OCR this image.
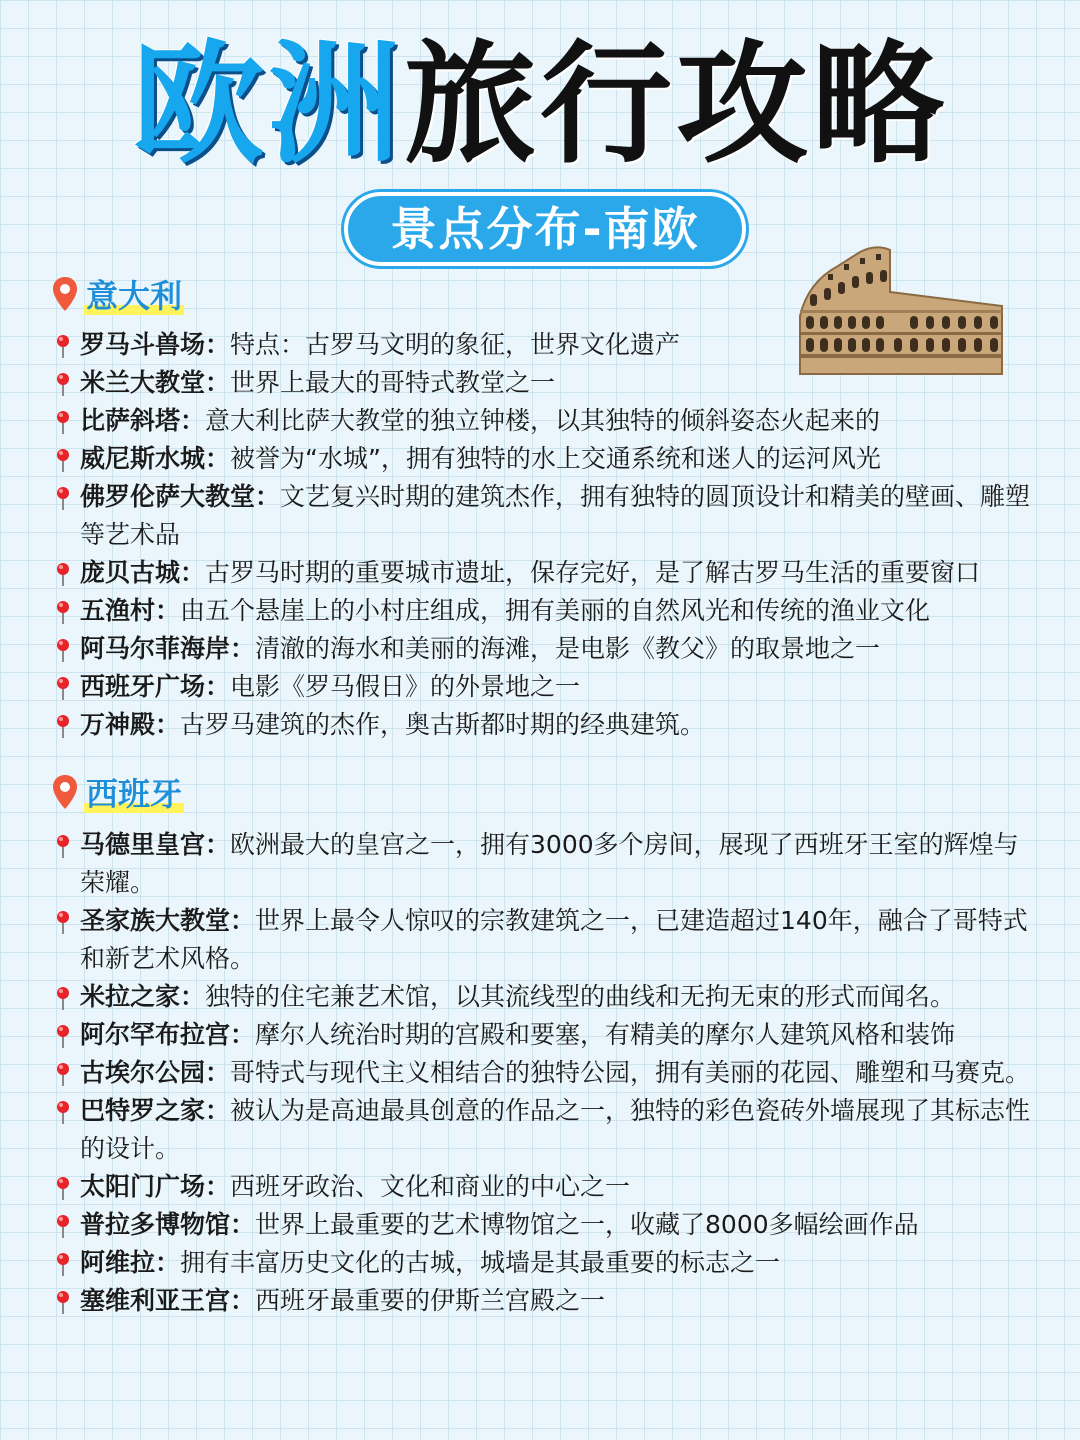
欧洲旅行攻略
景点分布-南欧
意大利
罗马斗兽场：特点：古罗马文明的象征，世界文化遗产
米兰大教堂：世界上最大的哥特式教堂之一
比萨斜塔：意大利比萨大教堂的独立钟楼，以其独特的倾斜姿态火起来的
威尼斯水城：被誉为“水城”，拥有独特的水上交通系统和迷人的运河风光
佛罗伦萨大教堂：文艺复兴时期的建筑杰作，拥有独特的圆顶设计和精美的壁画、雕塑等艺术品
庞贝古城：古罗马时期的重要城市遗址，保存完好，是了解古罗马生活的重要窗口
五渔村：由五个悬崖上的小村庄组成，拥有美丽的自然风光和传统的渔业文化
阿马尔菲海岸：清澈的海水和美丽的海滩，是电影《教父》的取景地之一
西班牙广场：电影《罗马假日》的外景地之一
万神殿：古罗马建筑的杰作，奥古斯都时期的经典建筑。
西班牙
马德里皇宫：欧洲最大的皇宫之一，拥有3000多个房间，展现了西班牙王室的辉煌与荣耀。
圣家族大教堂：世界上最令人惊叹的宗教建筑之一，已建造超过140年，融合了哥特式和新艺术风格。
米拉之家：独特的住宅兼艺术馆，以其流线型的曲线和无拘无束的形式而闻名。
阿尔罕布拉宫：摩尔人统治时期的宫殿和要塞，有精美的摩尔人建筑风格和装饰
古埃尔公园：哥特式与现代主义相结合的独特公园，拥有美丽的花园、雕塑和马赛克。
巴特罗之家：被认为是高迪最具创意的作品之一，独特的彩色瓷砖外墙展现了其标志性的设计。
太阳门广场：西班牙政治、文化和商业的中心之一
普拉多博物馆：世界上最重要的艺术博物馆之一，收藏了8000多幅绘画作品
阿维拉：拥有丰富历史文化的古城，城墙是其最重要的标志之一
塞维利亚王宫：西班牙最重要的伊斯兰宫殿之一
